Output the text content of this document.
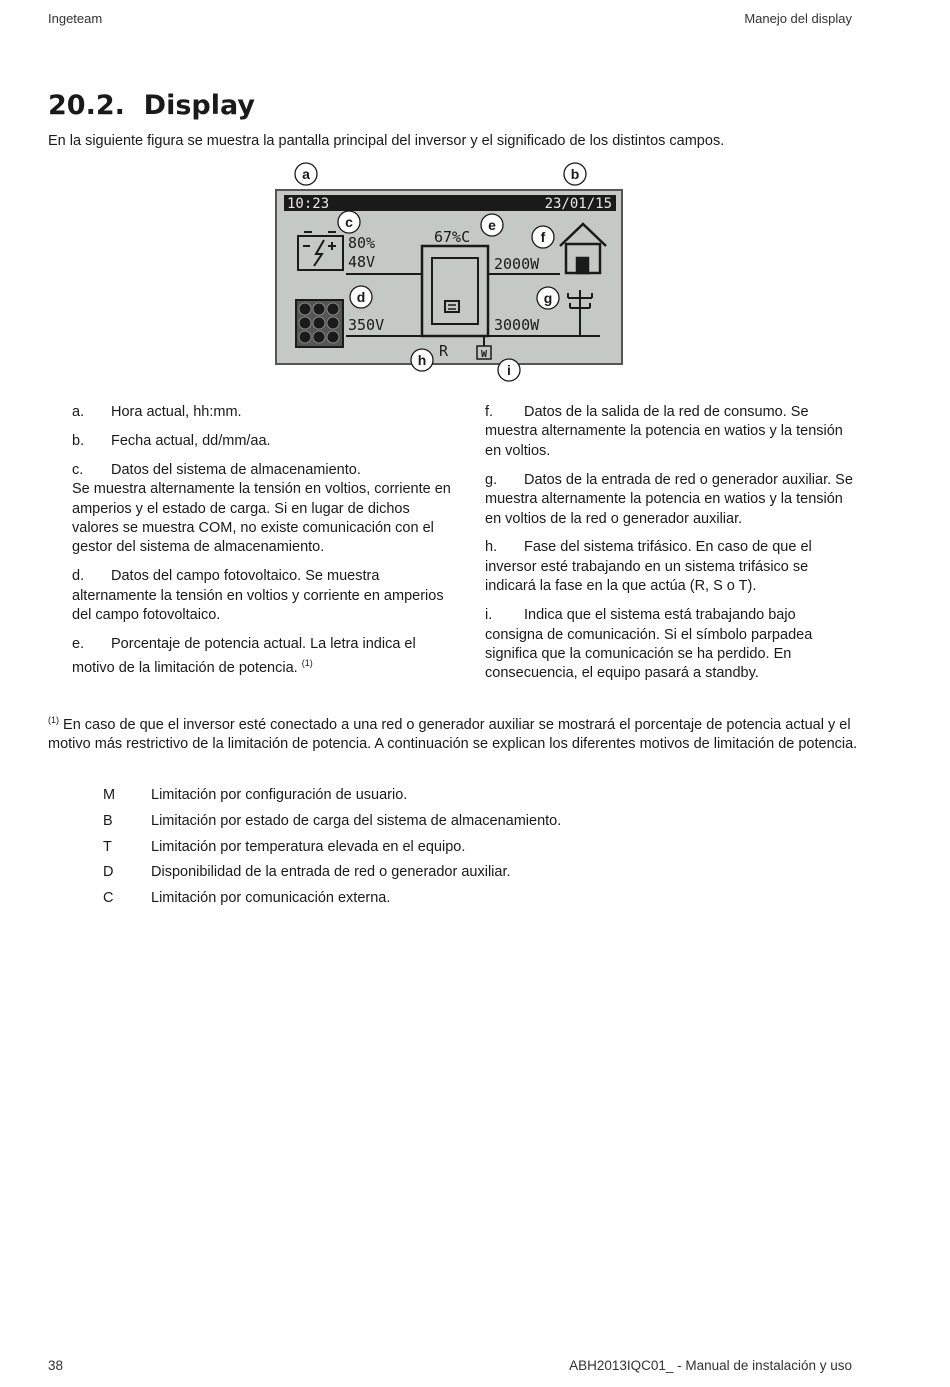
Ingeteam	Manejo del display
20.2.  Display
En la siguiente figura se muestra la pantalla principal del inversor y el significado de los distintos campos.
10:23	23/01/15
80%
48V
67%C
2000W
350V	3000W
R	W
a	b
c	e
f
d	g
h
i
a. Hora actual, hh:mm.
b. Fecha actual, dd/mm/aa.
c. Datos del sistema de almacenamiento.
Se muestra alternamente la tensión en voltios, corriente en amperios y el estado de carga. Si en lugar de dichos valores se muestra COM, no existe comunicación con el gestor del sistema de almacenamiento.
d. Datos del campo fotovoltaico. Se muestra alternamente la tensión en voltios y corriente en amperios del campo fotovoltaico.
e. Porcentaje de potencia actual. La letra indica el motivo de la limitación de potencia. $^{(1)}$
f. Datos de la salida de la red de consumo. Se muestra alternamente la potencia en watios y la tensión en voltios.
g. Datos de la entrada de red o generador auxiliar. Se muestra alternamente la potencia en watios y la tensión en voltios de la red o generador auxiliar.
h. Fase del sistema trifásico. En caso de que el inversor esté trabajando en un sistema trifásico se indicará la fase en la que actúa (R, S o T).
i. Indica que el sistema está trabajando bajo consigna de comunicación. Si el símbolo parpadea significa que la comunicación se ha perdido. En consecuencia, el equipo pasará a standby.
$^{(1)}$ En caso de que el inversor esté conectado a una red o generador auxiliar se mostrará el porcentaje de potencia actual y el motivo más restrictivo de la limitación de potencia. A continuación se explican los diferentes motivos de limitación de potencia.
M Limitación por configuración de usuario.
B	Limitación por estado de carga del sistema de almacenamiento.
T	Limitación por temperatura elevada en el equipo.
D	Disponibilidad de la entrada de red o generador auxiliar.
C	Limitación por comunicación externa.
38	ABH2013IQC01_ - Manual de instalación y uso
